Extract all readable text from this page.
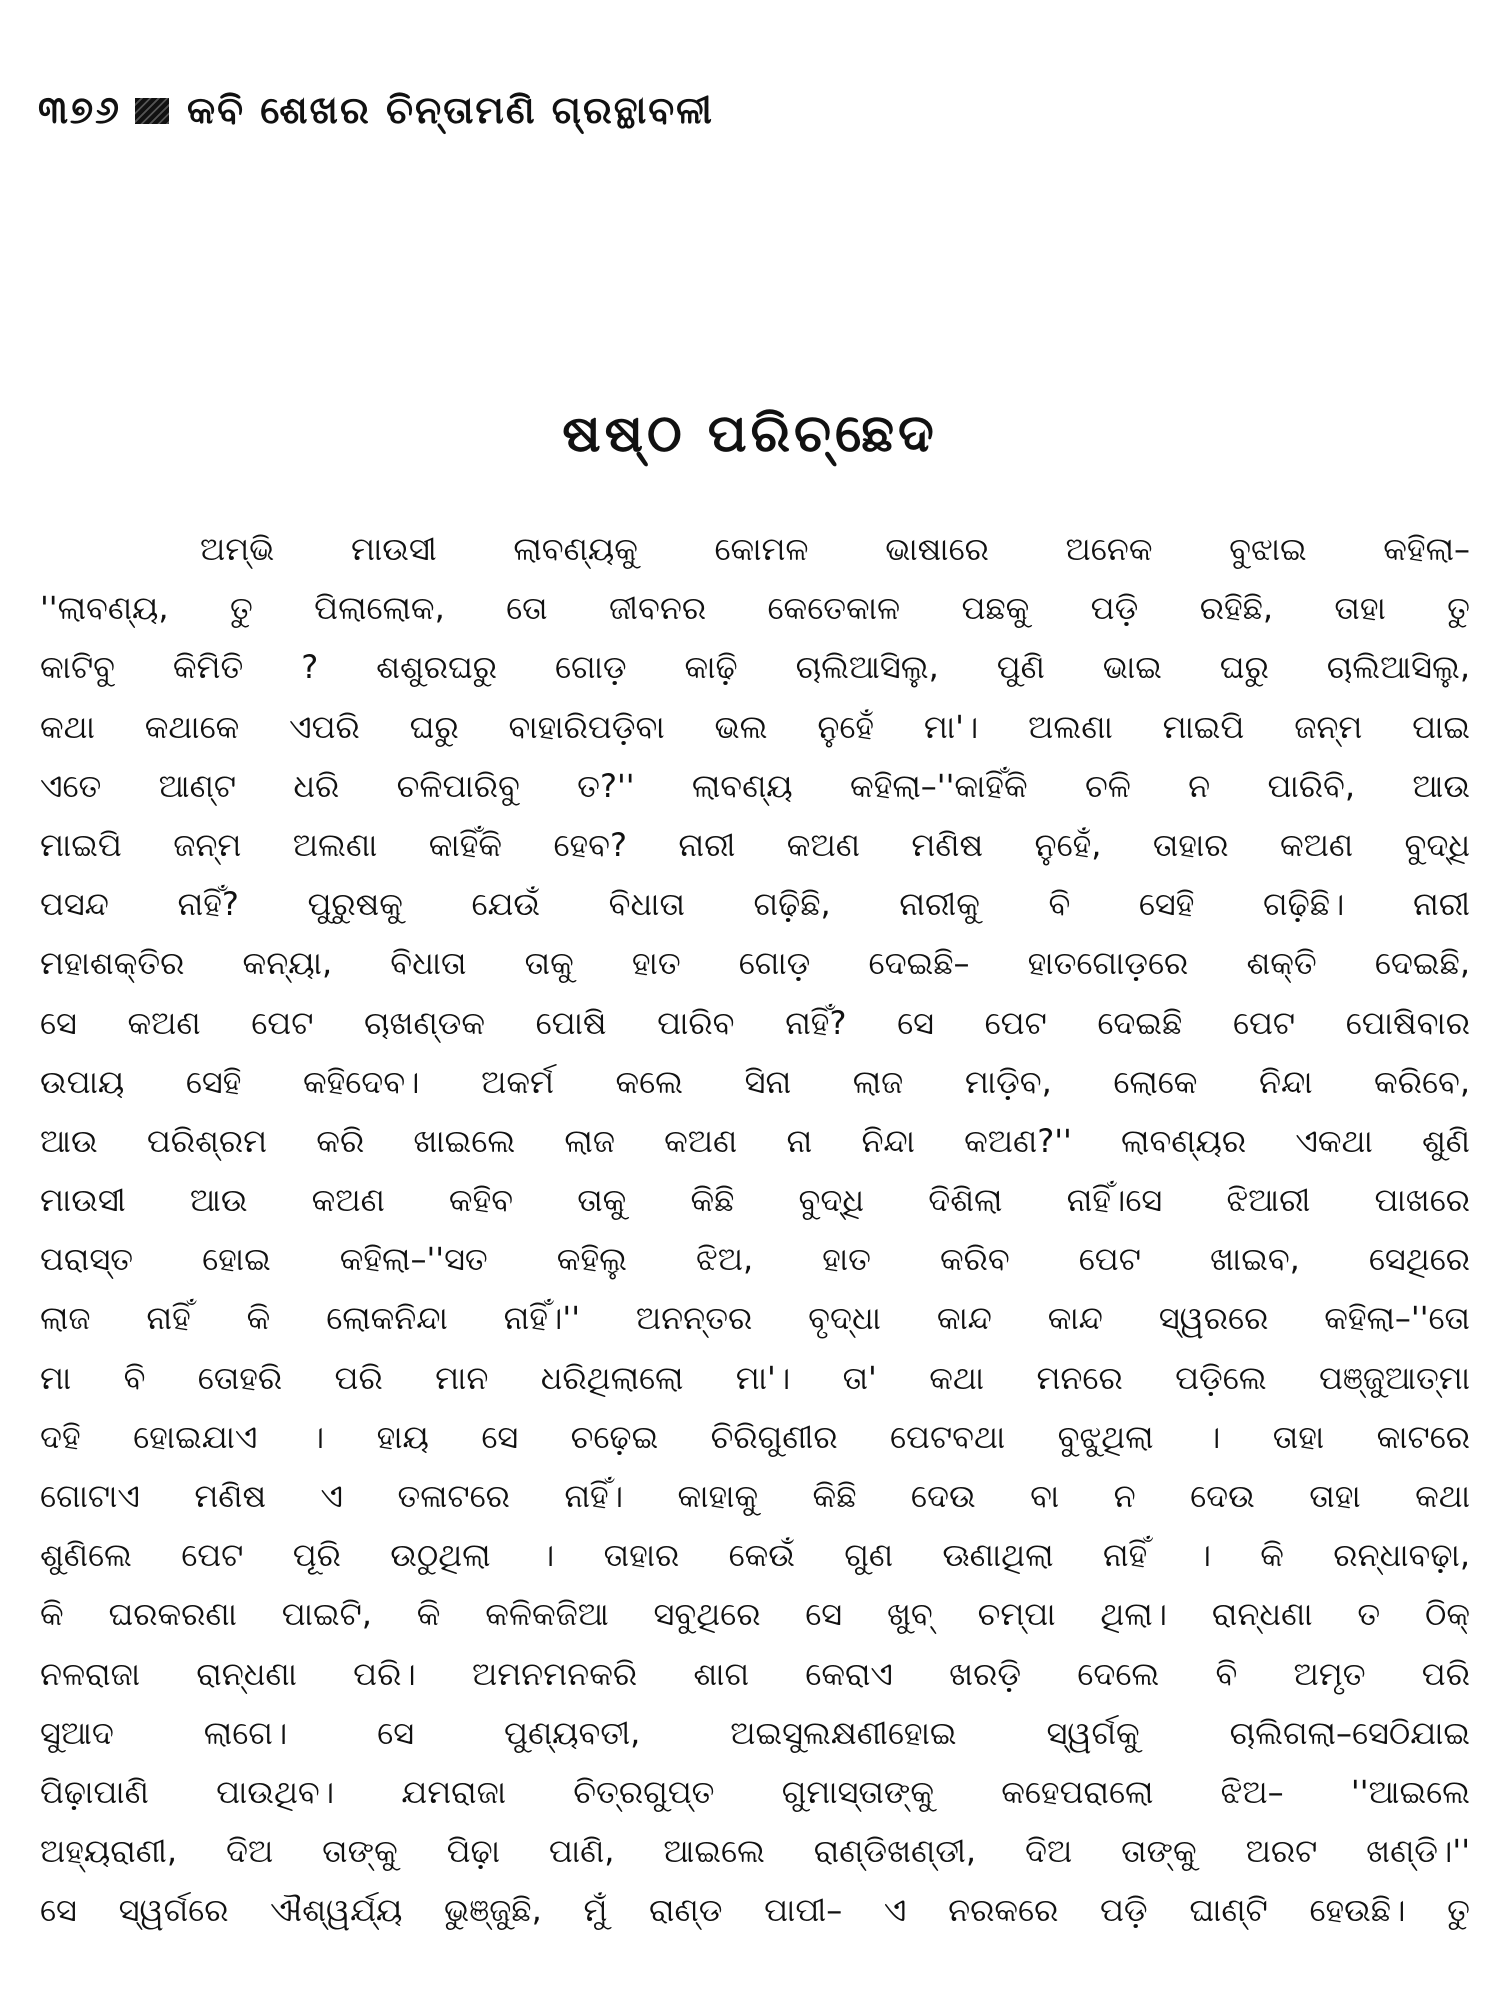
୩୭୬ କବି ଶେଖର ଚିନ୍ତାମଣି ଗ୍ରନ୍ଥାବଳୀ
ଷଷ୍ଠ ପରିଚ୍ଛେଦ
ଅମ୍ଭି ମାଉସୀ ଲାବଣ୍ୟକୁ କୋମଳ ଭାଷାରେ ଅନେକ ବୁଝାଇ କହିଲା–
''ଲାବଣ୍ୟ, ତୁ ପିଲାଲୋକ, ତୋ ଜୀବନର କେତେକାଳ ପଛକୁ ପଡ଼ି ରହିଛି, ତାହା ତୁ
କାଟିବୁ କିମିତି ? ଶଶୁରଘରୁ ଗୋଡ଼ କାଢ଼ି ଚାଲିଆସିଲୁ, ପୁଣି ଭାଇ ଘରୁ ଚାଲିଆସିଲୁ,
କଥା କଥାକେ ଏପରି ଘରୁ ବାହାରିପଡ଼ିବା ଭଲ ନୁହେଁ ମା'। ଅଲଣା ମାଇପି ଜନ୍ମ ପାଇ
ଏତେ ଆଣ୍ଟ ଧରି ଚଳିପାରିବୁ ତ?'' ଲାବଣ୍ୟ କହିଲା–''କାହିଁକି ଚଳି ନ ପାରିବି, ଆଉ
ମାଇପି ଜନ୍ମ ଅଲଣା କାହିଁକି ହେବ? ନାରୀ କଅଣ ମଣିଷ ନୁହେଁ, ତାହାର କଅଣ ବୁଦ୍ଧି
ପସନ୍ଦ ନାହିଁ? ପୁରୁଷକୁ ଯେଉଁ ବିଧାତା ଗଢ଼ିଛି, ନାରୀକୁ ବି ସେହି ଗଢ଼ିଛି। ନାରୀ
ମହାଶକ୍ତିର କନ୍ୟା, ବିଧାତା ତାକୁ ହାତ ଗୋଡ଼ ଦେଇଛି– ହାତଗୋଡ଼ରେ ଶକ୍ତି ଦେଇଛି,
ସେ କଅଣ ପେଟ ଚାଖଣ୍ଡକ ପୋଷି ପାରିବ ନାହିଁ? ସେ ପେଟ ଦେଇଛି ପେଟ ପୋଷିବାର
ଉପାୟ ସେହି କହିଦେବ। ଅକର୍ମ କଲେ ସିନା ଲାଜ ମାଡ଼ିବ, ଲୋକେ ନିନ୍ଦା କରିବେ,
ଆଉ ପରିଶ୍ରମ କରି ଖାଇଲେ ଲାଜ କଅଣ ନା ନିନ୍ଦା କଅଣ?'' ଲାବଣ୍ୟର ଏକଥା ଶୁଣି
ମାଉସୀ ଆଉ କଅଣ କହିବ ତାକୁ କିଛି ବୁଦ୍ଧି ଦିଶିଲା ନାହିଁ।ସେ ଝିଆରୀ ପାଖରେ
ପରାସ୍ତ ହୋଇ କହିଲା–''ସତ କହିଲୁ ଝିଅ, ହାତ କରିବ ପେଟ ଖାଇବ, ସେଥିରେ
ଲାଜ ନାହିଁ କି ଲୋକନିନ୍ଦା ନାହିଁ।'' ଅନନ୍ତର ବୃଦ୍ଧା କାନ୍ଦ କାନ୍ଦ ସ୍ୱରରେ କହିଲା–''ତୋ
ମା ବି ତୋହରି ପରି ମାନ ଧରିଥିଲାଲୋ ମା'। ତା' କଥା ମନରେ ପଡ଼ିଲେ ପଞ୍ଜୁଆତ୍ମା
ଦହି ହୋଇଯାଏ । ହାୟ ସେ ଚଢ଼େଇ ଚିରିଗୁଣୀର ପେଟବଥା ବୁଝୁଥିଲା । ତାହା କାଟରେ
ଗୋଟାଏ ମଣିଷ ଏ ତଳାଟରେ ନାହିଁ। କାହାକୁ କିଛି ଦେଉ ବା ନ ଦେଉ ତାହା କଥା
ଶୁଣିଲେ ପେଟ ପୂରି ଉଠୁଥିଲା । ତାହାର କେଉଁ ଗୁଣ ଊଣାଥିଲା ନାହିଁ । କି ରନ୍ଧାବଢ଼ା,
କି ଘରକରଣା ପାଇଟି, କି କଳିକଜିଆ ସବୁଥିରେ ସେ ଖୁବ୍ ଚମ୍ପା ଥିଲା। ରାନ୍ଧଣା ତ ଠିକ୍
ନଳରାଜା ରାନ୍ଧଣା ପରି। ଅମନମନକରି ଶାଗ କେରାଏ ଖରଡ଼ି ଦେଲେ ବି ଅମୃତ ପରି
ସୁଆଦ ଲାଗେ। ସେ ପୁଣ୍ୟବତୀ, ଅଇସୁଲକ୍ଷଣୀହୋଇ ସ୍ୱର୍ଗକୁ ଚାଲିଗଲା–ସେଠିଯାଇ
ପିଢ଼ାପାଣି ପାଉଥିବ। ଯମରାଜା ଚିତ୍ରଗୁପ୍ତ ଗୁମାସ୍ତାଙ୍କୁ କହେପରାଲୋ ଝିଅ– ''ଆଇଲେ
ଅହ୍ୟରାଣୀ, ଦିଅ ତାଙ୍କୁ ପିଢ଼ା ପାଣି, ଆଇଲେ ରାଣ୍ଡିଖଣ୍ଡୀ, ଦିଅ ତାଙ୍କୁ ଅରଟ ଖଣ୍ଡି।''
ସେ ସ୍ୱର୍ଗରେ ଐଶ୍ୱର୍ଯ୍ୟ ଭୁଞ୍ଜୁଛି, ମୁଁ ରାଣ୍ଡ ପାପୀ– ଏ ନରକରେ ପଡ଼ି ଘାଣ୍ଟି ହେଉଛି। ତୁ
